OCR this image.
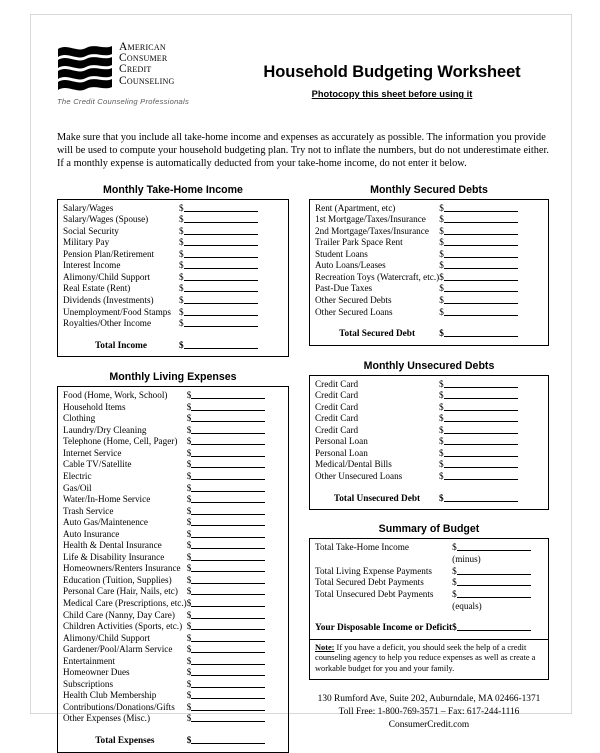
American
Consumer
Credit
Counseling
The Credit Counseling Professionals
Household Budgeting Worksheet
Photocopy this sheet before using it
Make sure that you include all take-home income and expenses as accurately as possible. The information you provide
will be used to compute your household budgeting plan. Try not to inflate the numbers, but do not underestimate either.
If a monthly expense is automatically deducted from your take-home income, do not enter it below.
Monthly Take-Home Income
Salary/Wages	$
Salary/Wages (Spouse)	$
Social Security	$
Military Pay	$
Pension Plan/Retirement	$
Interest Income	$
Alimony/Child Support	$
Real Estate (Rent)	$
Dividends (Investments)	$
Unemployment/Food Stamps	$
Royalties/Other Income	$

Total Income	$
Monthly Living Expenses
Food (Home, Work, School)	$
Household Items	$
Clothing	$
Laundry/Dry Cleaning	$
Telephone (Home, Cell, Pager)	$
Internet Service	$
Cable TV/Satellite	$
Electric	$
Gas/Oil	$
Water/In-Home Service	$
Trash Service	$
Auto Gas/Maintenence	$
Auto Insurance	$
Health & Dental Insurance	$
Life & Disability Insurance	$
Homeowners/Renters Insurance	$
Education (Tuition, Supplies)	$
Personal Care (Hair, Nails, etc)	$
Medical Care (Prescriptions, etc.)	$
Child Care (Nanny, Day Care)	$
Children Activities (Sports, etc.)	$
Alimony/Child Support	$
Gardener/Pool/Alarm Service	$
Entertainment	$
Homeowner Dues	$
Subscriptions	$
Health Club Membership	$
Contributions/Donations/Gifts	$
Other Expenses (Misc.)	$

Total Expenses	$
Monthly Secured Debts
Rent (Apartment, etc)	$
1st Mortgage/Taxes/Insurance	$
2nd Mortgage/Taxes/Insurance	$
Trailer Park Space Rent	$
Student Loans	$
Auto Loans/Leases	$
Recreation Toys (Watercraft, etc.)	$
Past-Due Taxes	$
Other Secured Debts	$
Other Secured Loans	$

Total Secured Debt	$
Monthly Unsecured Debts
Credit Card	$
Credit Card	$
Credit Card	$
Credit Card	$
Credit Card	$
Personal Loan	$
Personal Loan	$
Medical/Dental Bills	$
Other Unsecured Loans	$

Total Unsecured Debt	$
Summary of Budget
Total Take-Home Income	$
	(minus)
Total Living Expense Payments	$
Total Secured Debt Payments	$
Total Unsecured Debt Payments	$
	(equals)

Your Disposable Income or Deficit	$
Note: If you have a deficit, you should seek the help of a credit counseling agency to help you reduce expenses as well as create a workable budget for you and your family.
130 Rumford Ave, Suite 202, Auburndale, MA 02466-1371
Toll Free: 1-800-769-3571 – Fax: 617-244-1116
ConsumerCredit.com
